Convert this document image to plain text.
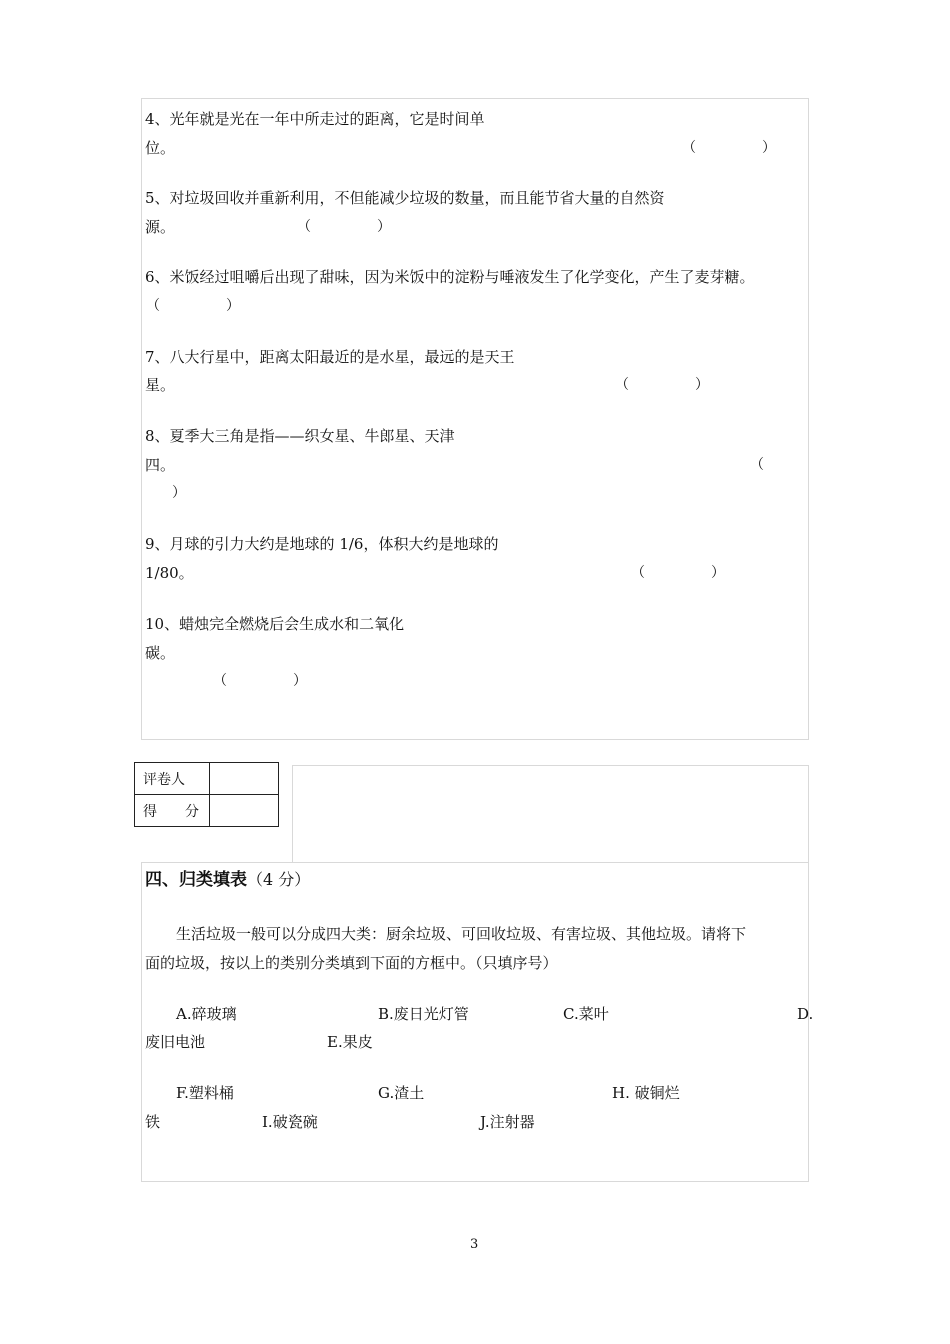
4、光年就是光在一年中所走过的距离，它是时间单
位。	（	）
5、对垃圾回收并重新利用，不但能减少垃圾的数量，而且能节省大量的自然资
源。	（	）
6、米饭经过咀嚼后出现了甜味，因为米饭中的淀粉与唾液发生了化学变化，产生了麦芽糖。
（	）
7、八大行星中，距离太阳最近的是水星，最远的是天王
星。	（	）
8、夏季大三角是指——织女星、牛郎星、天津
四。	（
）
9、月球的引力大约是地球的 1/6，体积大约是地球的
1/80。	（	）
10、蜡烛完全燃烧后会生成水和二氧化
碳。
（	）
评卷人	
得　　分	
四、归类填表（4 分）
生活垃圾一般可以分成四大类：厨余垃圾、可回收垃圾、有害垃圾、其他垃圾。请将下
面的垃圾，按以上的类别分类填到下面的方框中。（只填序号）
A.碎玻璃	B.废日光灯管	C.菜叶	D.
废旧电池	E.果皮
F.塑料桶	G.渣土	H. 破铜烂
铁	I.破瓷碗	J.注射器
3
